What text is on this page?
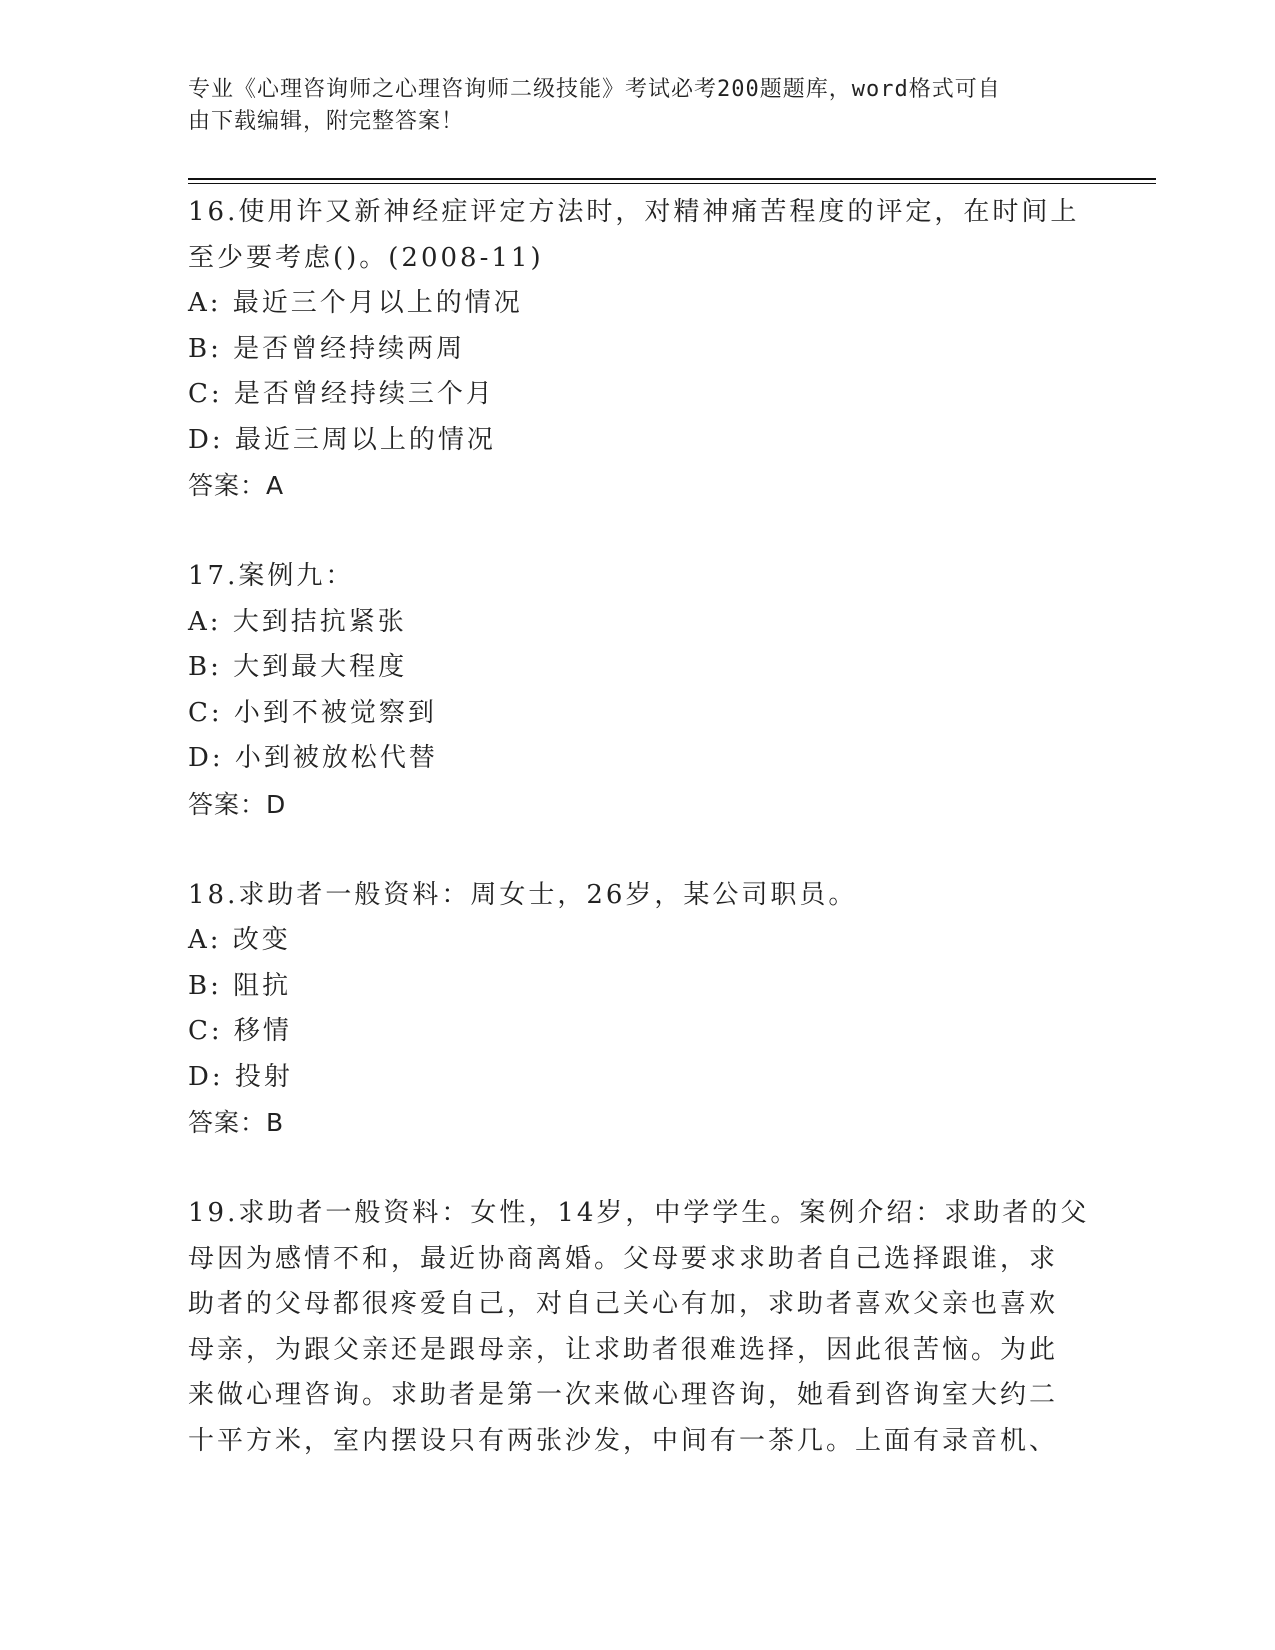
专业《心理咨询师之心理咨询师二级技能》考试必考200题题库，word格式可自
由下载编辑，附完整答案！
16.使用许又新神经症评定方法时，对精神痛苦程度的评定，在时间上
至少要考虑()。(2008-11)
A: 最近三个月以上的情况
B: 是否曾经持续两周
C: 是否曾经持续三个月
D: 最近三周以上的情况
答案：A
17.案例九：
A: 大到拮抗紧张
B: 大到最大程度
C: 小到不被觉察到
D: 小到被放松代替
答案：D
18.求助者一般资料：周女士，26岁，某公司职员。
A: 改变
B: 阻抗
C: 移情
D: 投射
答案：B
19.求助者一般资料：女性，14岁，中学学生。案例介绍：求助者的父
母因为感情不和，最近协商离婚。父母要求求助者自己选择跟谁，求
助者的父母都很疼爱自己，对自己关心有加，求助者喜欢父亲也喜欢
母亲，为跟父亲还是跟母亲，让求助者很难选择，因此很苦恼。为此
来做心理咨询。求助者是第一次来做心理咨询，她看到咨询室大约二
十平方米，室内摆设只有两张沙发，中间有一茶几。上面有录音机、
